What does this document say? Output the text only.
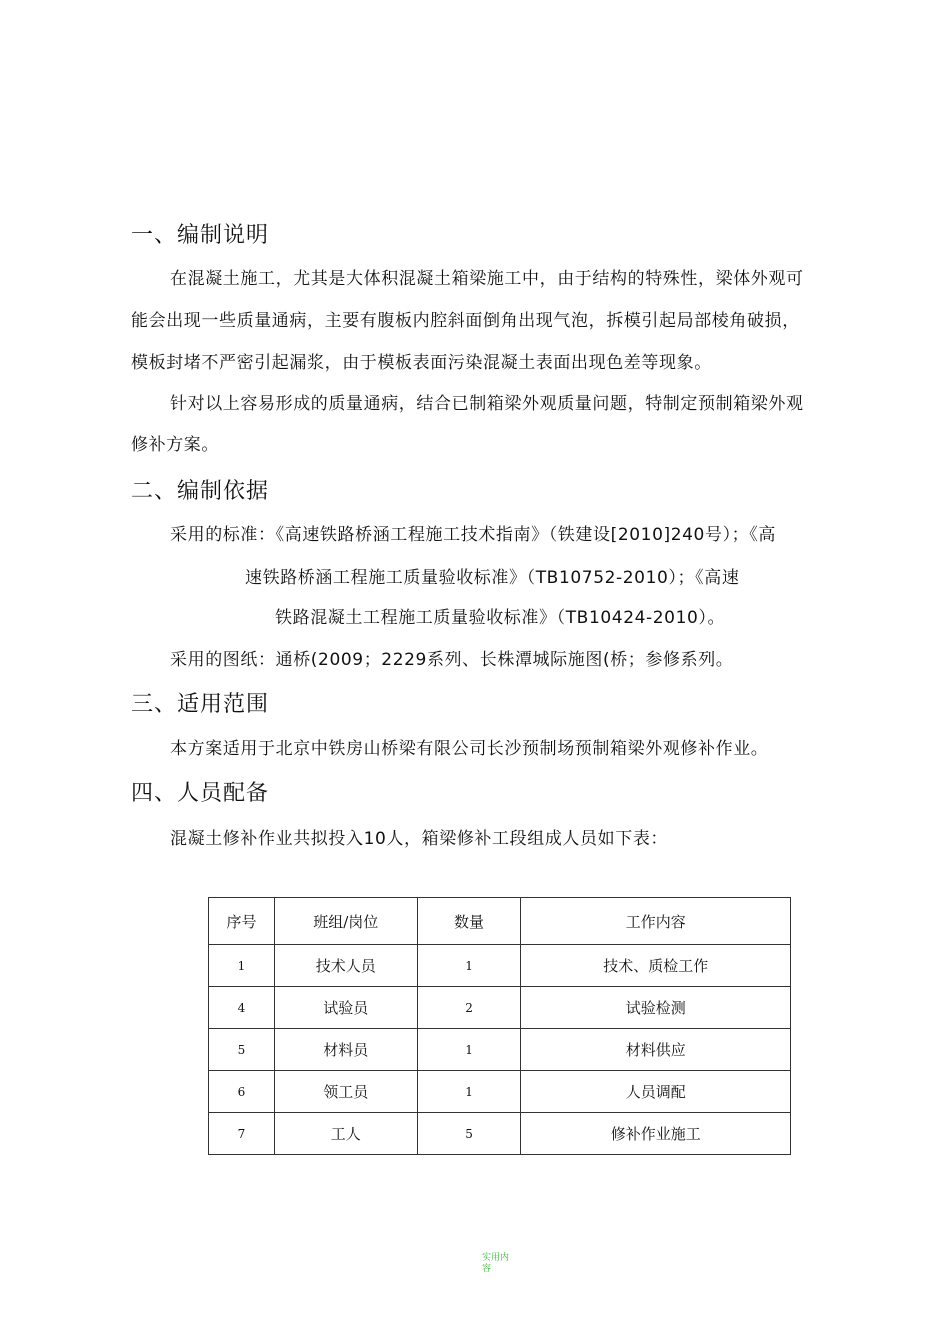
一、编制说明
在混凝土施工，尤其是大体积混凝土箱梁施工中，由于结构的特殊性，梁体外观可
能会出现一些质量通病，主要有腹板内腔斜面倒角出现气泡，拆模引起局部棱角破损，
模板封堵不严密引起漏浆，由于模板表面污染混凝土表面出现色差等现象。
针对以上容易形成的质量通病，结合已制箱梁外观质量问题，特制定预制箱梁外观
修补方案。
二、编制依据
采用的标准：《高速铁路桥涵工程施工技术指南》（铁建设[2010]240号）；《高
速铁路桥涵工程施工质量验收标准》（TB10752-2010）；《高速
铁路混凝土工程施工质量验收标准》（TB10424-2010）。
采用的图纸：通桥(2009；2229系列、长株潭城际施图(桥；参修系列。
三、适用范围
本方案适用于北京中铁房山桥梁有限公司长沙预制场预制箱梁外观修补作业。
四、人员配备
混凝土修补作业共拟投入10人，箱梁修补工段组成人员如下表：
序号	班组/岗位	数量	工作内容
1	技术人员	1	技术、质检工作
4	试验员	2	试验检测
5	材料员	1	材料供应
6	领工员	1	人员调配
7	工人	5	修补作业施工
实用内容
